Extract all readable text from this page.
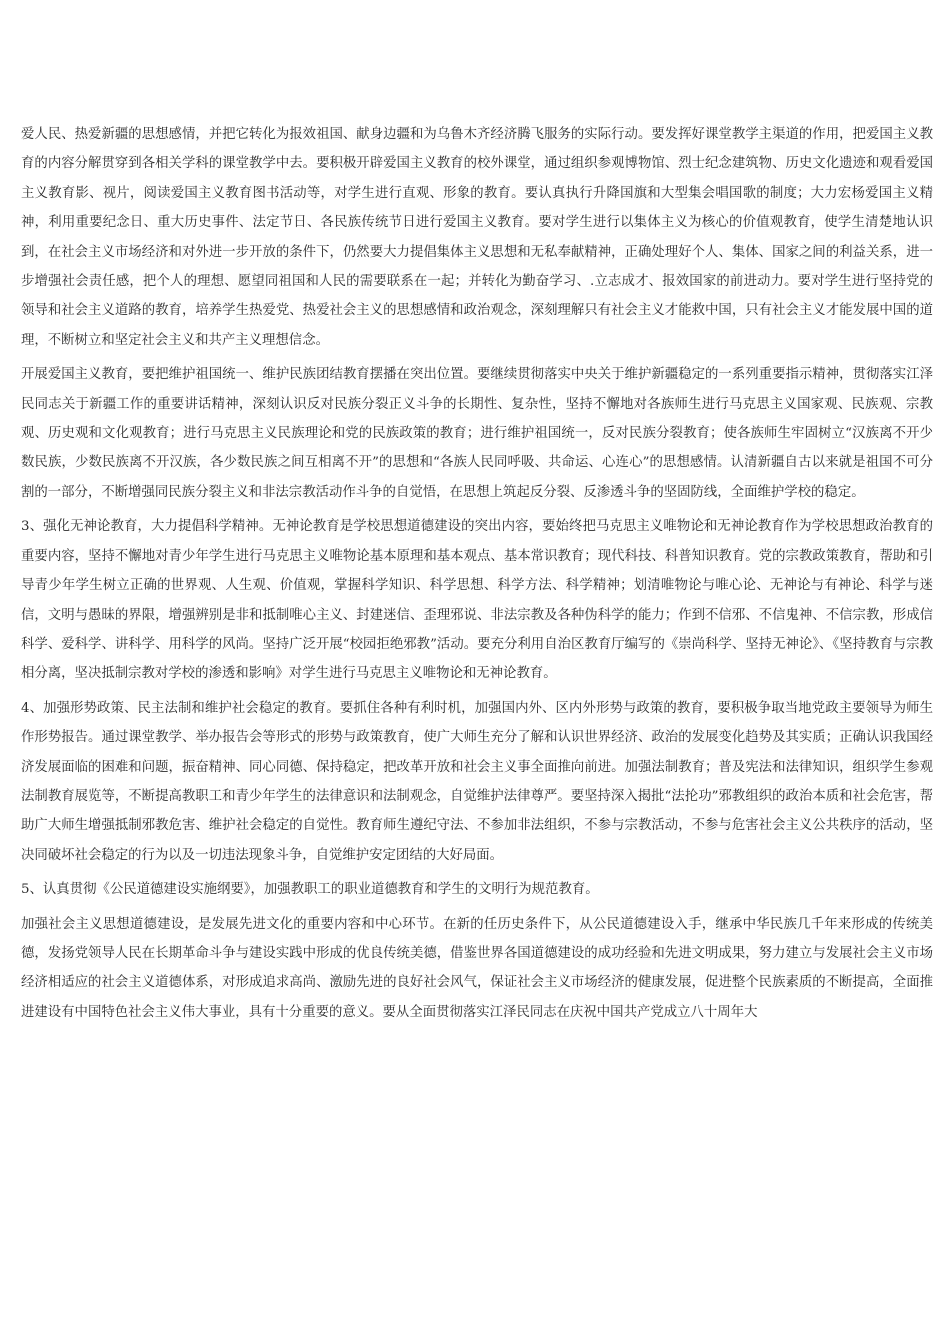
爱人民、热爱新疆的思想感情，并把它转化为报效祖国、献身边疆和为乌鲁木齐经济腾飞服务的实际行动。要发挥好课堂教学主渠道的作用，把爱国主义教育的内容分解贯穿到各相关学科的课堂教学中去。要积极开辟爱国主义教育的校外课堂，通过组织参观博物馆、烈士纪念建筑物、历史文化遗迹和观看爱国主义教育影、视片，阅读爱国主义教育图书活动等，对学生进行直观、形象的教育。要认真执行升降国旗和大型集会唱国歌的制度；大力宏杨爱国主义精神，利用重要纪念日、重大历史事件、法定节日、各民族传统节日进行爱国主义教育。要对学生进行以集体主义为核心的价值观教育，使学生清楚地认识到，在社会主义市场经济和对外进一步开放的条件下，仍然要大力提倡集体主义思想和无私奉献精神，正确处理好个人、集体、国家之间的利益关系，进一步增强社会责任感，把个人的理想、愿望同祖国和人民的需要联系在一起；并转化为勤奋学习、.立志成才、报效国家的前进动力。要对学生进行坚持党的领导和社会主义道路的教育，培养学生热爱党、热爱社会主义的思想感情和政治观念，深刻理解只有社会主义才能救中国，只有社会主义才能发展中国的道理，不断树立和坚定社会主义和共产主义理想信念。

开展爱国主义教育，要把维护祖国统一、维护民族团结教育摆播在突出位置。要继续贯彻落实中央关于维护新疆稳定的一系列重要指示精神，贯彻落实江泽民同志关于新疆工作的重要讲话精神，深刻认识反对民族分裂正义斗争的长期性、复杂性，坚持不懈地对各族师生进行马克思主义国家观、民族观、宗教观、历史观和文化观教育；进行马克思主义民族理论和党的民族政策的教育；进行维护祖国统一，反对民族分裂教育；使各族师生牢固树立“汉族离不开少数民族，少数民族离不开汉族，各少数民族之间互相离不开”的思想和“各族人民同呼吸、共命运、心连心”的思想感情。认清新疆自古以来就是祖国不可分割的一部分，不断增强同民族分裂主义和非法宗教活动作斗争的自觉悟，在思想上筑起反分裂、反渗透斗争的坚固防线，全面维护学校的稳定。

3、强化无神论教育，大力提倡科学精神。无神论教育是学校思想道德建设的突出内容，要始终把马克思主义唯物论和无神论教育作为学校思想政治教育的重要内容，坚持不懈地对青少年学生进行马克思主义唯物论基本原理和基本观点、基本常识教育；现代科技、科普知识教育。党的宗教政策教育，帮助和引导青少年学生树立正确的世界观、人生观、价值观，掌握科学知识、科学思想、科学方法、科学精神；划清唯物论与唯心论、无神论与有神论、科学与迷信，文明与愚昧的界限，增强辨别是非和抵制唯心主义、封建迷信、歪理邪说、非法宗教及各种伪科学的能力；作到不信邪、不信鬼神、不信宗教，形成信科学、爱科学、讲科学、用科学的风尚。坚持广泛开展“校园拒绝邪教”活动。要充分利用自治区教育厅编写的《崇尚科学、坚持无神论》、《坚持教育与宗教相分离，坚决抵制宗教对学校的渗透和影响》对学生进行马克思主义唯物论和无神论教育。

4、加强形势政策、民主法制和维护社会稳定的教育。要抓住各种有利时机，加强国内外、区内外形势与政策的教育，要积极争取当地党政主要领导为师生作形势报告。通过课堂教学、举办报告会等形式的形势与政策教育，使广大师生充分了解和认识世界经济、政治的发展变化趋势及其实质；正确认识我国经济发展面临的困难和问题，振奋精神、同心同德、保持稳定，把改革开放和社会主义事全面推向前进。加强法制教育；普及宪法和法律知识，组织学生参观法制教育展览等，不断提高教职工和青少年学生的法律意识和法制观念，自觉维护法律尊严。要坚持深入揭批“法抡功”邪教组织的政治本质和社会危害，帮助广大师生增强抵制邪教危害、维护社会稳定的自觉性。教育师生遵纪守法、不参加非法组织，不参与宗教活动，不参与危害社会主义公共秩序的活动，坚决同破坏社会稳定的行为以及一切违法现象斗争，自觉维护安定团结的大好局面。

5、认真贯彻《公民道德建设实施纲要》，加强教职工的职业道德教育和学生的文明行为规范教育。

加强社会主义思想道德建设，是发展先进文化的重要内容和中心环节。在新的任历史条件下，从公民道德建设入手，继承中华民族几千年来形成的传统美德，发扬党领导人民在长期革命斗争与建设实践中形成的优良传统美德，借鉴世界各国道德建设的成功经验和先进文明成果，努力建立与发展社会主义市场经济相适应的社会主义道德体系，对形成追求高尚、激励先进的良好社会风气，保证社会主义市场经济的健康发展，促进整个民族素质的不断提高，全面推进建设有中国特色社会主义伟大事业，具有十分重要的意义。要从全面贯彻落实江泽民同志在庆祝中国共产党成立八十周年大
